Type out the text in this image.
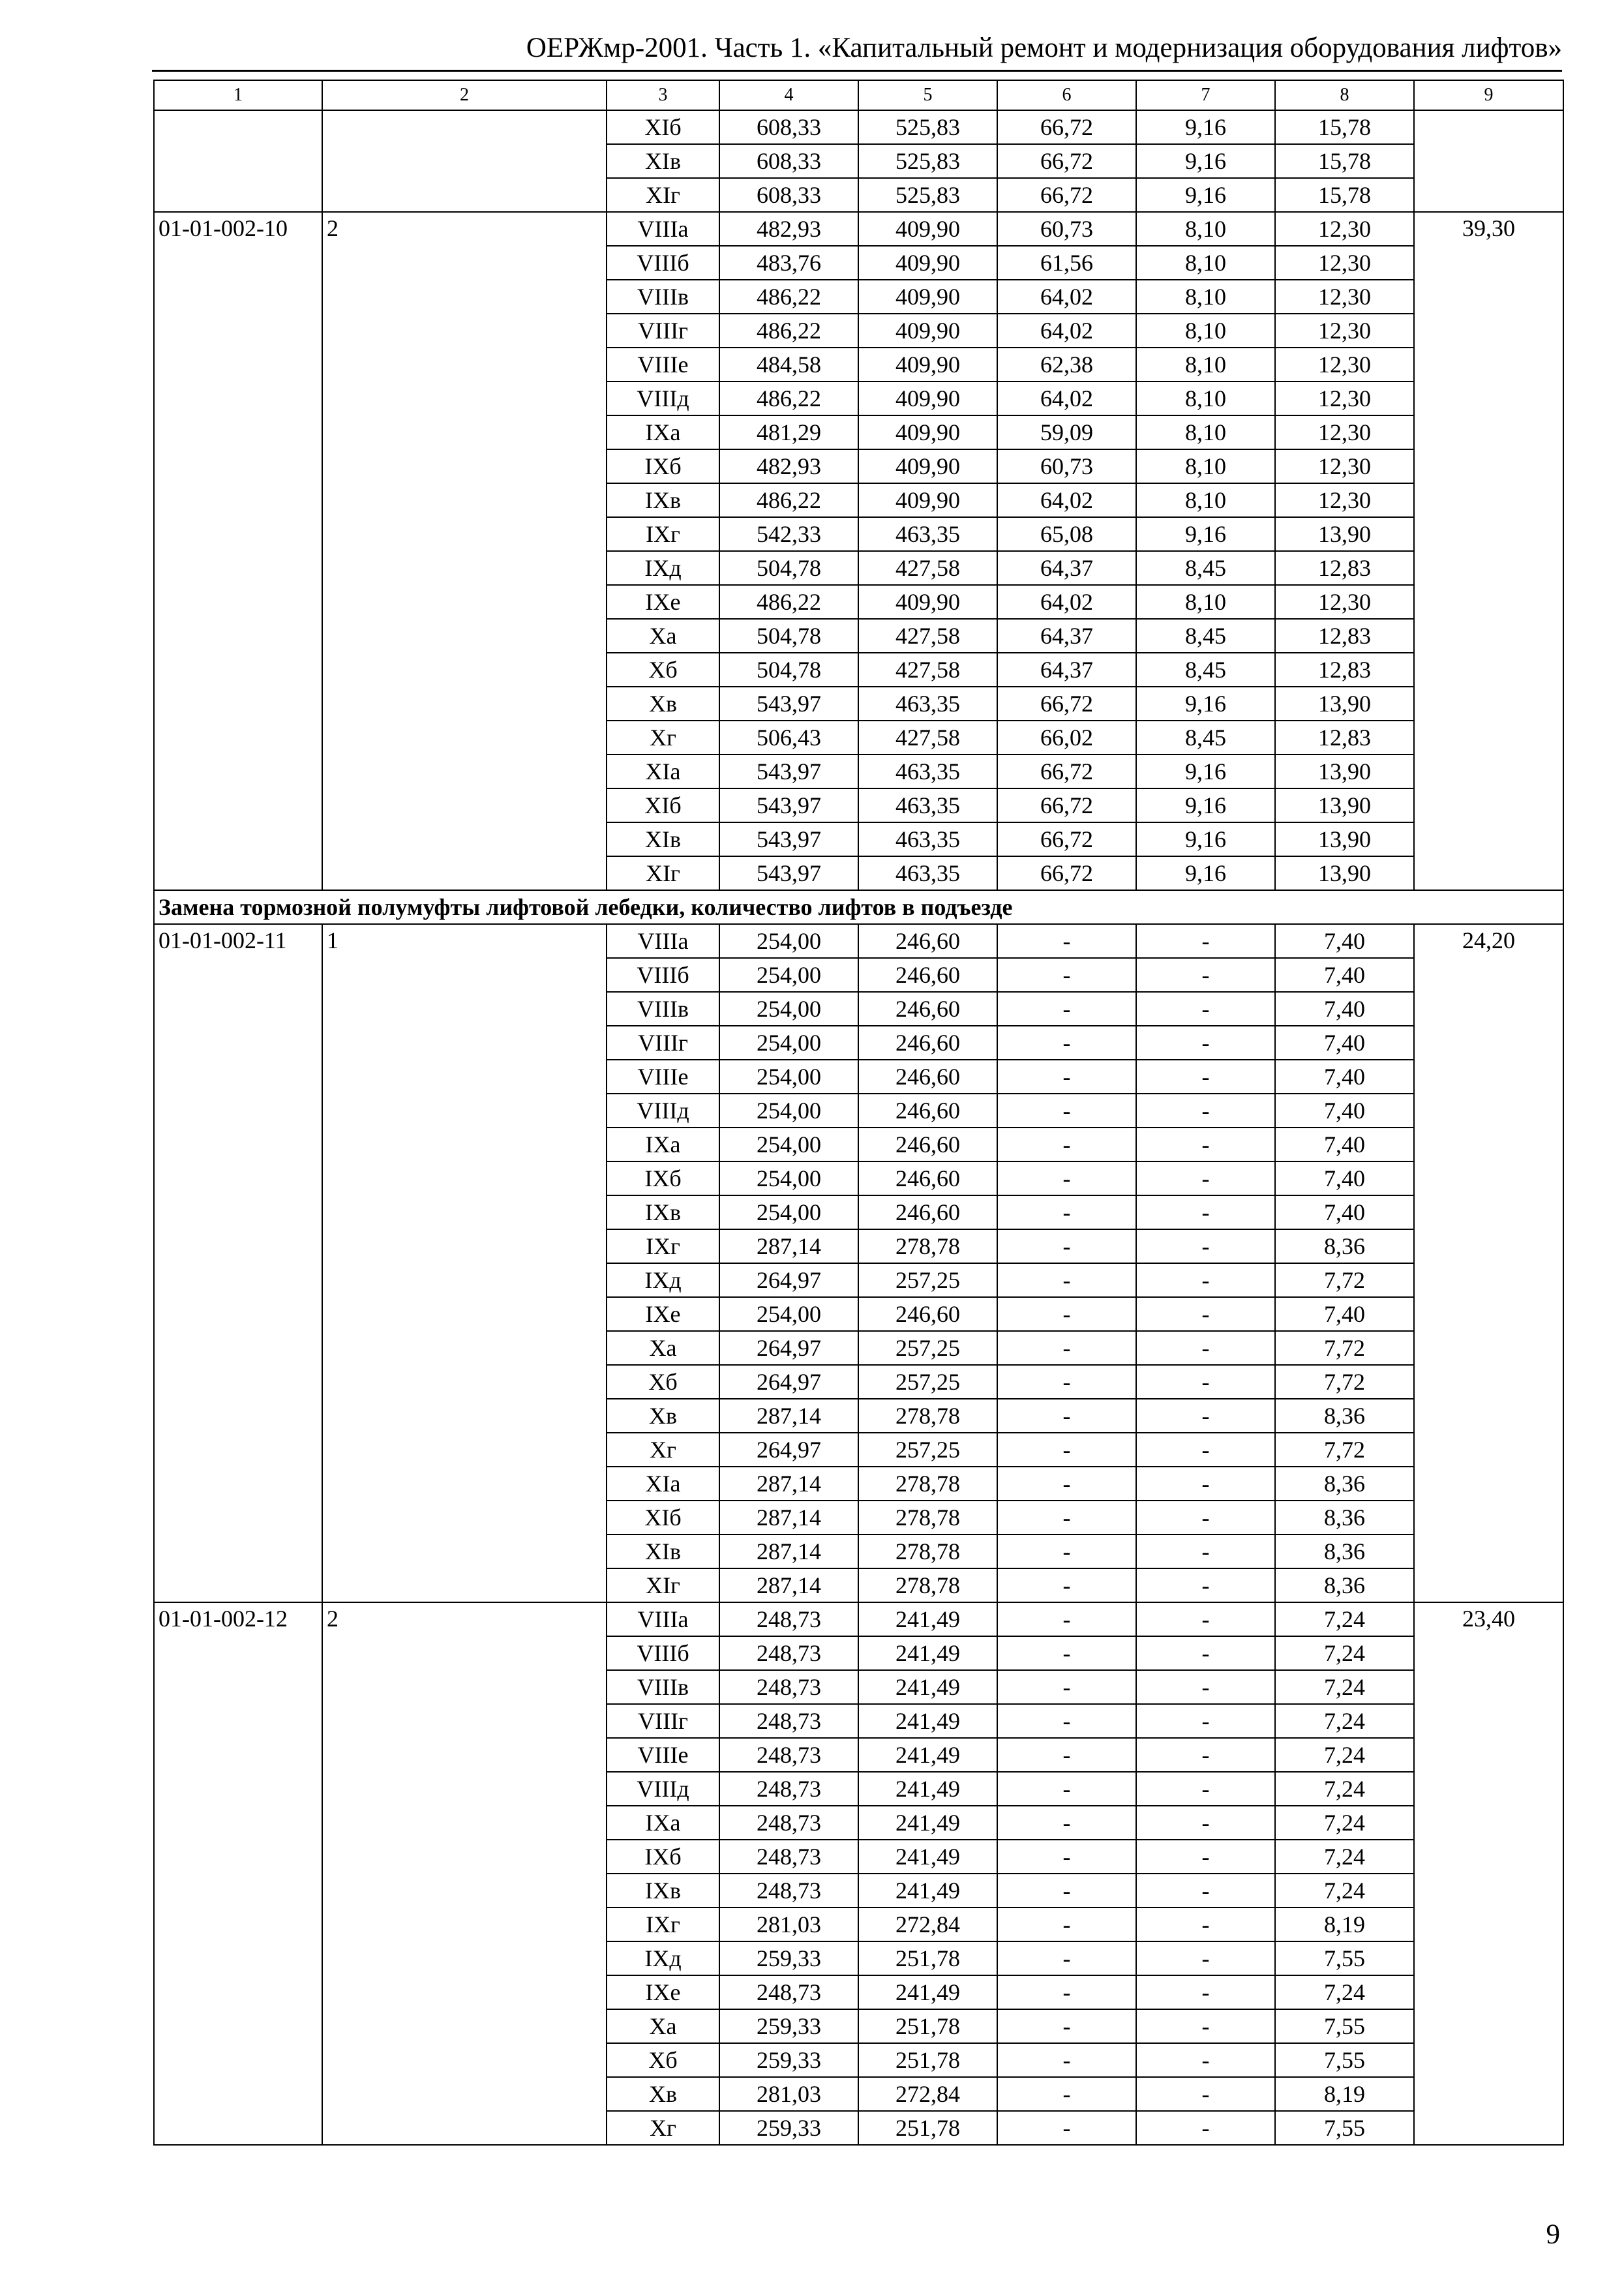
ОЕРЖмр-2001. Часть 1. «Капитальный ремонт и модернизация оборудования лифтов»
1	2	3	4	5	6	7	8	9
		XIб	608,33	525,83	66,72	9,16	15,78	
		XIв	608,33	525,83	66,72	9,16	15,78	
		XIг	608,33	525,83	66,72	9,16	15,78	
01-01-002-10	2	VIIIа	482,93	409,90	60,73	8,10	12,30	39,30
		VIIIб	483,76	409,90	61,56	8,10	12,30	
		VIIIв	486,22	409,90	64,02	8,10	12,30	
		VIIIг	486,22	409,90	64,02	8,10	12,30	
		VIIIе	484,58	409,90	62,38	8,10	12,30	
		VIIIд	486,22	409,90	64,02	8,10	12,30	
		IXа	481,29	409,90	59,09	8,10	12,30	
		IXб	482,93	409,90	60,73	8,10	12,30	
		IXв	486,22	409,90	64,02	8,10	12,30	
		IXг	542,33	463,35	65,08	9,16	13,90	
		IXд	504,78	427,58	64,37	8,45	12,83	
		IXе	486,22	409,90	64,02	8,10	12,30	
		Xа	504,78	427,58	64,37	8,45	12,83	
		Xб	504,78	427,58	64,37	8,45	12,83	
		Xв	543,97	463,35	66,72	9,16	13,90	
		Xг	506,43	427,58	66,02	8,45	12,83	
		XIа	543,97	463,35	66,72	9,16	13,90	
		XIб	543,97	463,35	66,72	9,16	13,90	
		XIв	543,97	463,35	66,72	9,16	13,90	
		XIг	543,97	463,35	66,72	9,16	13,90	
Замена тормозной полумуфты лифтовой лебедки, количество лифтов в подъезде								
01-01-002-11	1	VIIIа	254,00	246,60	-	-	7,40	24,20
		VIIIб	254,00	246,60	-	-	7,40	
		VIIIв	254,00	246,60	-	-	7,40	
		VIIIг	254,00	246,60	-	-	7,40	
		VIIIе	254,00	246,60	-	-	7,40	
		VIIIд	254,00	246,60	-	-	7,40	
		IXа	254,00	246,60	-	-	7,40	
		IXб	254,00	246,60	-	-	7,40	
		IXв	254,00	246,60	-	-	7,40	
		IXг	287,14	278,78	-	-	8,36	
		IXд	264,97	257,25	-	-	7,72	
		IXе	254,00	246,60	-	-	7,40	
		Xа	264,97	257,25	-	-	7,72	
		Xб	264,97	257,25	-	-	7,72	
		Xв	287,14	278,78	-	-	8,36	
		Xг	264,97	257,25	-	-	7,72	
		XIа	287,14	278,78	-	-	8,36	
		XIб	287,14	278,78	-	-	8,36	
		XIв	287,14	278,78	-	-	8,36	
		XIг	287,14	278,78	-	-	8,36	
01-01-002-12	2	VIIIа	248,73	241,49	-	-	7,24	23,40
		VIIIб	248,73	241,49	-	-	7,24	
		VIIIв	248,73	241,49	-	-	7,24	
		VIIIг	248,73	241,49	-	-	7,24	
		VIIIе	248,73	241,49	-	-	7,24	
		VIIIд	248,73	241,49	-	-	7,24	
		IXа	248,73	241,49	-	-	7,24	
		IXб	248,73	241,49	-	-	7,24	
		IXв	248,73	241,49	-	-	7,24	
		IXг	281,03	272,84	-	-	8,19	
		IXд	259,33	251,78	-	-	7,55	
		IXе	248,73	241,49	-	-	7,24	
		Xа	259,33	251,78	-	-	7,55	
		Xб	259,33	251,78	-	-	7,55	
		Xв	281,03	272,84	-	-	8,19	
		Xг	259,33	251,78	-	-	7,55	
9
